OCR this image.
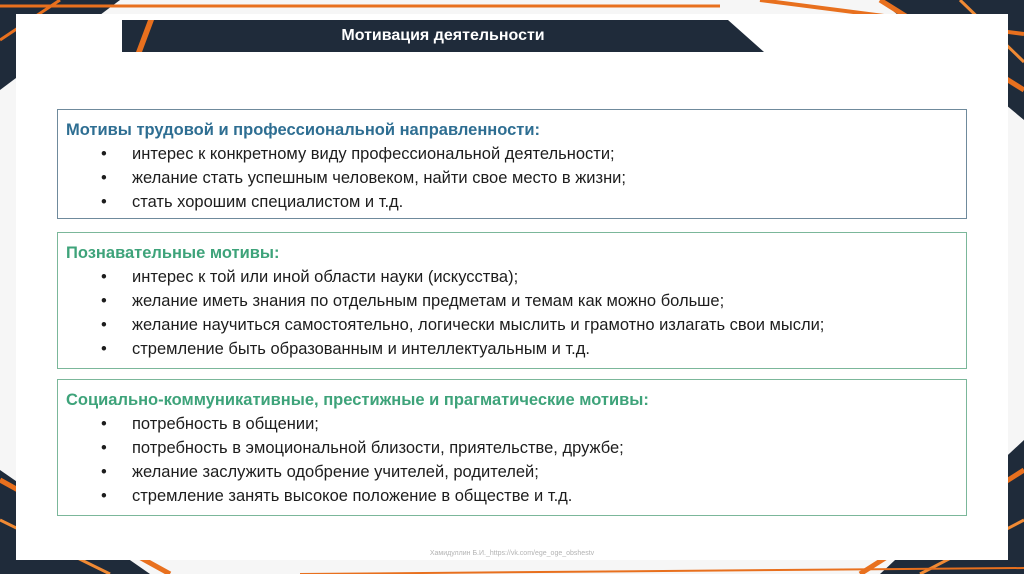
Мотивация деятельности

Мотивы трудовой и профессиональной направленности:

• интерес к конкретному виду профессиональной деятельности;
• желание стать успешным человеком, найти свое место в жизни;
• стать хорошим специалистом и т.д.

Познавательные мотивы:

• интерес к той или иной области науки (искусства);
• желание иметь знания по отдельным предметам и темам как можно больше;
• желание научиться самостоятельно, логически мыслить и грамотно излагать свои мысли;
• стремление быть образованным и интеллектуальным и т.д.

Социально-коммуникативные, престижные и прагматические мотивы:

• потребность в общении;
• потребность в эмоциональной близости, приятельстве, дружбе;
• желание заслужить одобрение учителей, родителей;
• стремление занять высокое положение в обществе и т.д.
Хамидуллин Б.И._https://vk.com/ege_oge_obshestv
